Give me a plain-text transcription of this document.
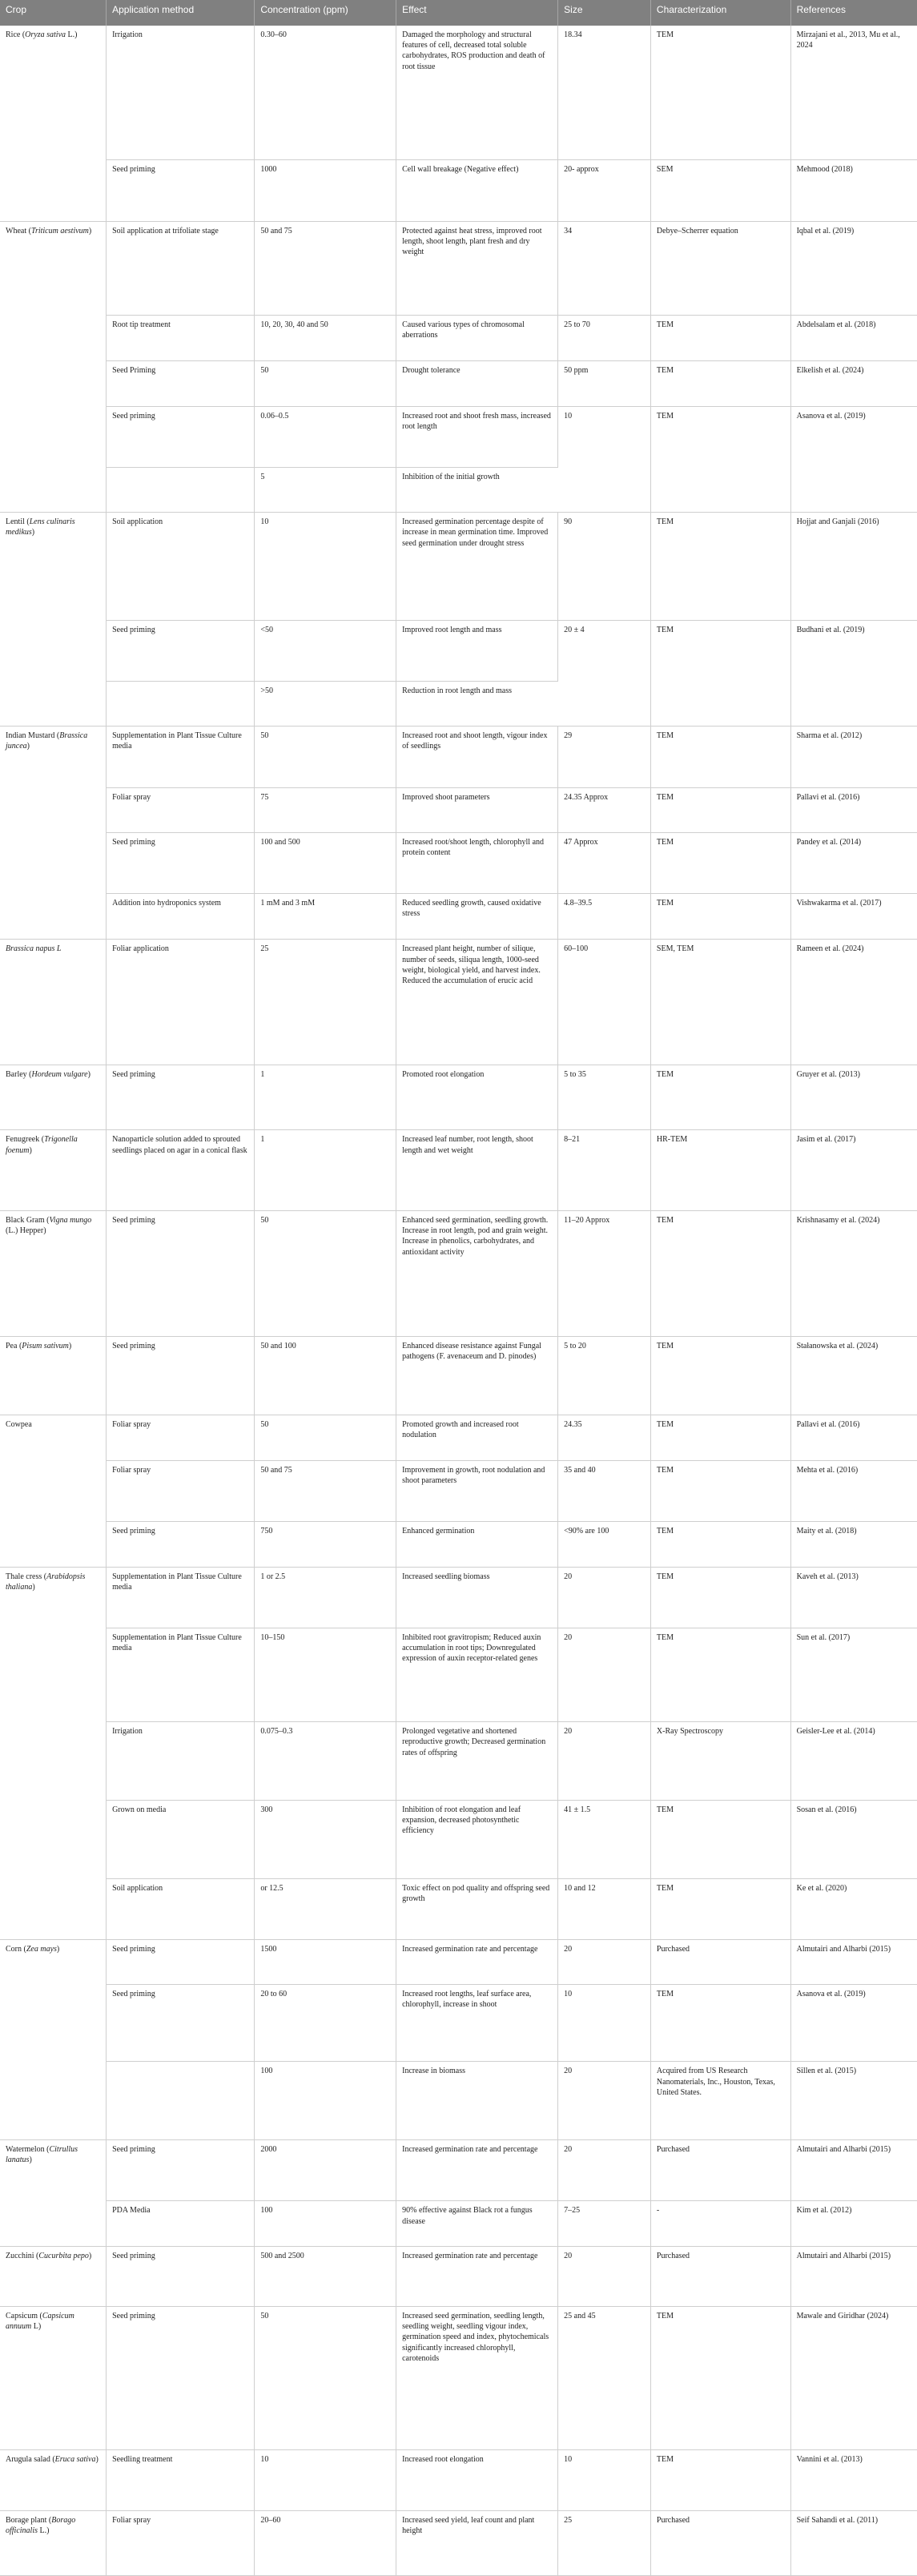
Crop	Application method	Concentration (ppm)	Effect	Size	Characterization	References
Rice (Oryza sativa L.)	Irrigation	0.30–60	Damaged the morphology and structural features of cell, decreased total soluble carbohydrates, ROS production and death of root tissue	18.34	TEM	Mirzajani et al., 2013, Mu et al., 2024
	Seed priming	1000	Cell wall breakage (Negative effect)	20- approx	SEM	Mehmood (2018)
Wheat (Triticum aestivum)	Soil application at trifoliate stage	50 and 75	Protected against heat stress, improved root length, shoot length, plant fresh and dry weight	34	Debye–Scherrer equation	Iqbal et al. (2019)
	Root tip treatment	10, 20, 30, 40 and 50	Caused various types of chromosomal aberrations	25 to 70	TEM	Abdelsalam et al. (2018)
	Seed Priming	50	Drought tolerance	50 ppm	TEM	Elkelish et al. (2024)
	Seed priming	0.06–0.5	Increased root and shoot fresh mass, increased root length	10	TEM	Asanova et al. (2019)
		5	Inhibition of the initial growth			
Lentil (Lens culinaris medikus)	Soil application	10	Increased germination percentage despite of increase in mean germination time. Improved seed germination under drought stress	90	TEM	Hojjat and Ganjali (2016)
	Seed priming	<50	Improved root length and mass	20 ± 4	TEM	Budhani et al. (2019)
		>50	Reduction in root length and mass			
Indian Mustard (Brassica juncea)	Supplementation in Plant Tissue Culture media	50	Increased root and shoot length, vigour index of seedlings	29	TEM	Sharma et al. (2012)
	Foliar spray	75	Improved shoot parameters	24.35 Approx	TEM	Pallavi et al. (2016)
	Seed priming	100 and 500	Increased root/shoot length, chlorophyll and protein content	47 Approx	TEM	Pandey et al. (2014)
	Addition into hydroponics system	1 mM and 3 mM	Reduced seedling growth, caused oxidative stress	4.8–39.5	TEM	Vishwakarma et al. (2017)
Brassica napus L	Foliar application	25	Increased plant height, number of silique, number of seeds, siliqua length, 1000-seed weight, biological yield, and harvest index. Reduced the accumulation of erucic acid	60–100	SEM, TEM	Rameen et al. (2024)
Barley (Hordeum vulgare)	Seed priming	1	Promoted root elongation	5 to 35	TEM	Gruyer et al. (2013)
Fenugreek (Trigonella foenum)	Nanoparticle solution added to sprouted seedlings placed on agar in a conical flask	1	Increased leaf number, root length, shoot length and wet weight	8–21	HR-TEM	Jasim et al. (2017)
Black Gram (Vigna mungo (L.) Hepper)	Seed priming	50	Enhanced seed germination, seedling growth. Increase in root length, pod and grain weight. Increase in phenolics, carbohydrates, and antioxidant activity	11–20 Approx	TEM	Krishnasamy et al. (2024)
Pea (Pisum sativum)	Seed priming	50 and 100	Enhanced disease resistance against Fungal pathogens (F. avenaceum and D. pinodes)	5 to 20	TEM	Stałanowska et al. (2024)
Cowpea	Foliar spray	50	Promoted growth and increased root nodulation	24.35	TEM	Pallavi et al. (2016)
	Foliar spray	50 and 75	Improvement in growth, root nodulation and shoot parameters	35 and 40	TEM	Mehta et al. (2016)
	Seed priming	750	Enhanced germination	<90% are 100	TEM	Maity et al. (2018)
Thale cress (Arabidopsis thaliana)	Supplementation in Plant Tissue Culture media	1 or 2.5	Increased seedling biomass	20	TEM	Kaveh et al. (2013)
	Supplementation in Plant Tissue Culture media	10–150	Inhibited root gravitropism; Reduced auxin accumulation in root tips; Downregulated expression of auxin receptor-related genes	20	TEM	Sun et al. (2017)
	Irrigation	0.075–0.3	Prolonged vegetative and shortened reproductive growth; Decreased germination rates of offspring	20	X-Ray Spectroscopy	Geisler-Lee et al. (2014)
	Grown on media	300	Inhibition of root elongation and leaf expansion, decreased photosynthetic efficiency	41 ± 1.5	TEM	Sosan et al. (2016)
	Soil application	or 12.5	Toxic effect on pod quality and offspring seed growth	10 and 12	TEM	Ke et al. (2020)
Corn (Zea mays)	Seed priming	1500	Increased germination rate and percentage	20	Purchased	Almutairi and Alharbi (2015)
	Seed priming	20 to 60	Increased root lengths, leaf surface area, chlorophyll, increase in shoot	10	TEM	Asanova et al. (2019)
		100	Increase in biomass	20	Acquired from US Research Nanomaterials, Inc., Houston, Texas, United States.	Sillen et al. (2015)
Watermelon (Citrullus lanatus)	Seed priming	2000	Increased germination rate and percentage	20	Purchased	Almutairi and Alharbi (2015)
	PDA Media	100	90% effective against Black rot a fungus disease	7–25	-	Kim et al. (2012)
Zucchini (Cucurbita pepo)	Seed priming	500 and 2500	Increased germination rate and percentage	20	Purchased	Almutairi and Alharbi (2015)
Capsicum (Capsicum annuum L)	Seed priming	50	Increased seed germination, seedling length, seedling weight, seedling vigour index, germination speed and index, phytochemicals significantly increased chlorophyll, carotenoids	25 and 45	TEM	Mawale and Giridhar (2024)
Arugula salad (Eruca sativa)	Seedling treatment	10	Increased root elongation	10	TEM	Vannini et al. (2013)
Borage plant (Borago officinalis L.)	Foliar spray	20–60	Increased seed yield, leaf count and plant height	25	Purchased	Seif Sahandi et al. (2011)
